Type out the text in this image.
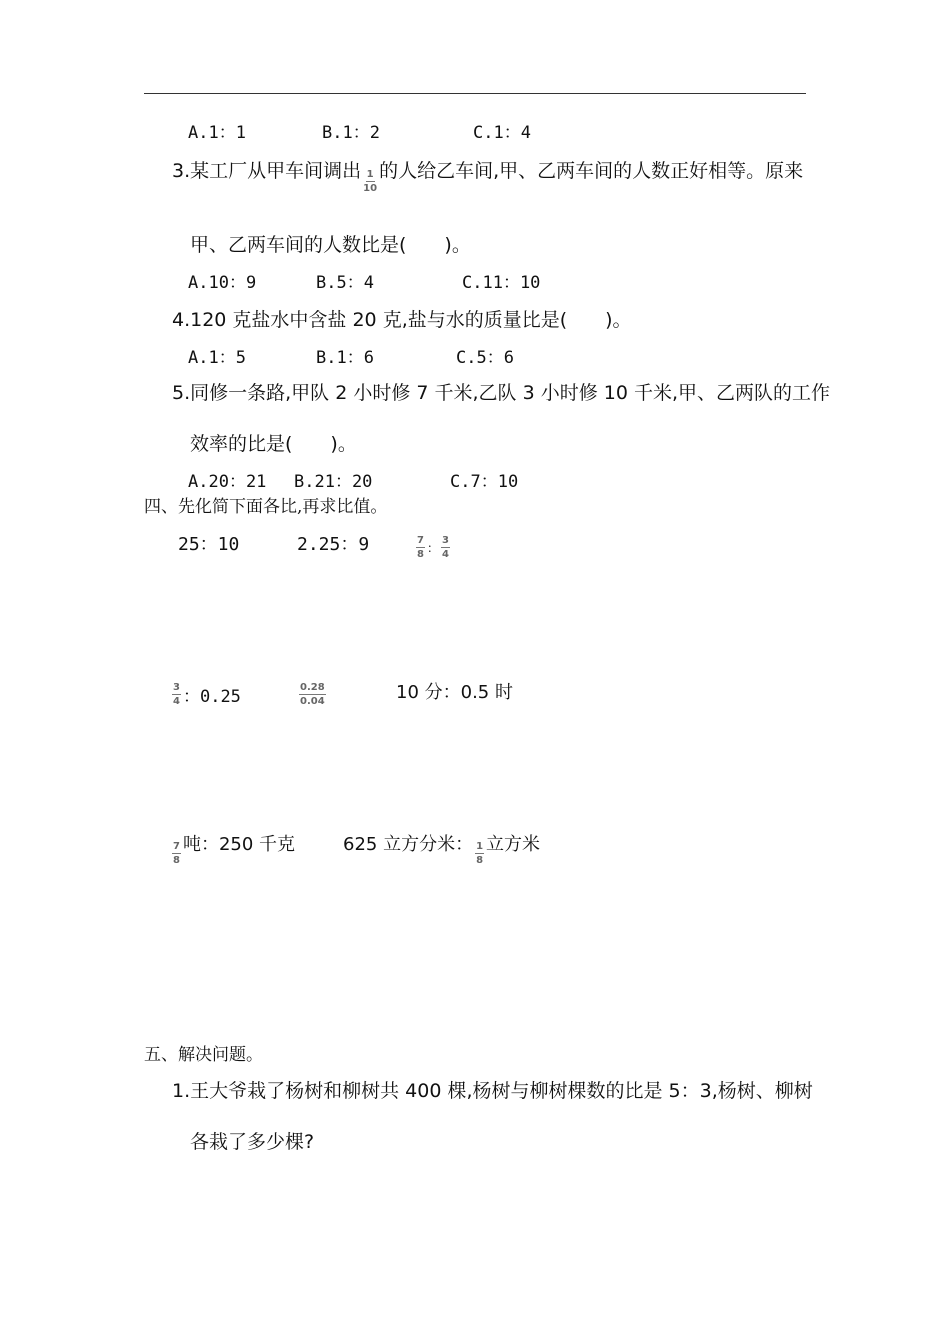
A.1：1	B.1：2	C.1：4
3.某工厂从甲车间调出 $\frac{1}{10}$ 的人给乙车间,甲、乙两车间的人数正好相等。原来
甲、乙两车间的人数比是(　　)。
A.10：9	B.5：4	C.11：10
4.120 克盐水中含盐 20 克,盐与水的质量比是(　　)。
A.1：5	B.1：6	C.5：6
5.同修一条路,甲队 2 小时修 7 千米,乙队 3 小时修 10 千米,甲、乙两队的工作
效率的比是(　　)。
A.20：21 B.21：20	C.7：10
四、先化简下面各比,再求比值。
25：10	2.25：9	$\frac{7}{8}$ ： $\frac{3}{4}$
$\frac{3}{4}$ ：0.25	$\frac{0.28}{0.04}$	10 分：0.5 时
$\frac{7}{8}$ 吨：250 千克	625 立方分米： $\frac{1}{8}$ 立方米
五、解决问题。
1.王大爷栽了杨树和柳树共 400 棵,杨树与柳树棵数的比是 5：3,杨树、柳树
各栽了多少棵?
